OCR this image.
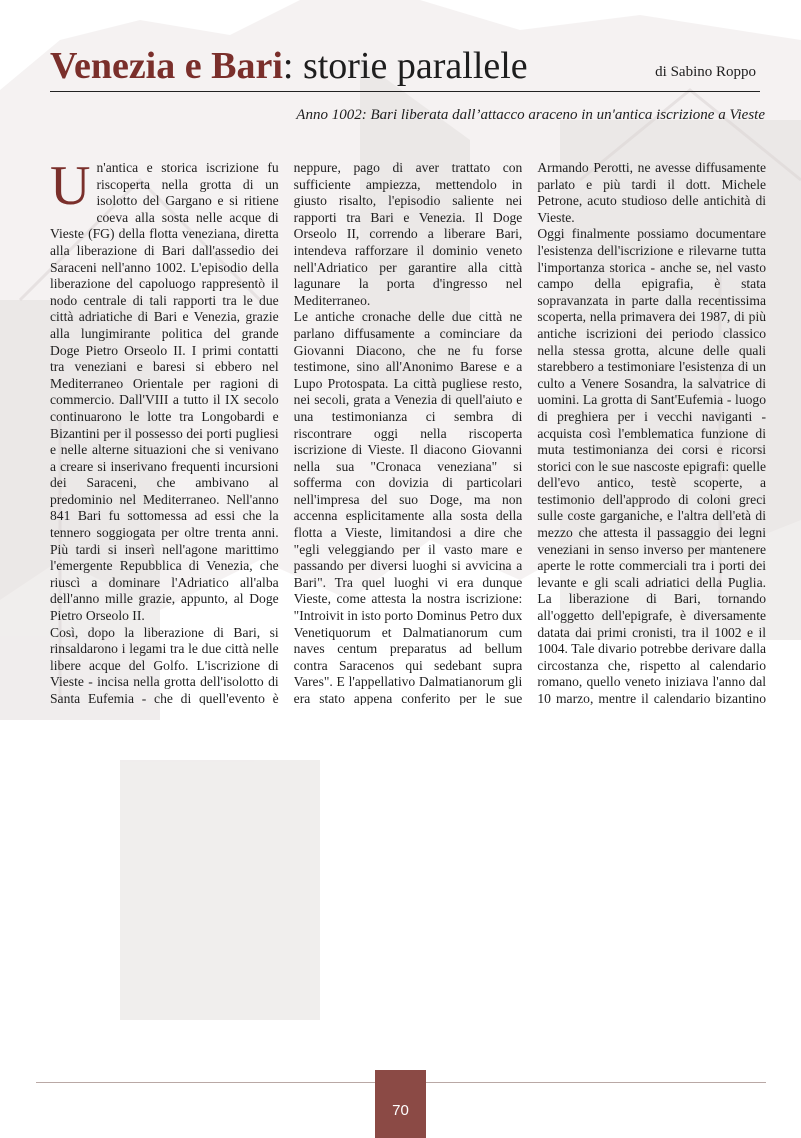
Venezia e Bari: storie parallele	di Sabino Roppo
Anno 1002: Bari liberata dall’attacco araceno in un'antica iscrizione a Vieste
U n'antica e storica iscrizione fu riscoperta nella grotta di un isolotto del Gargano e si ritiene coeva alla sosta nelle acque di Vieste (FG) della flotta veneziana, diretta alla liberazione di Bari dall'assedio dei Saraceni nell'anno 1002. L'episodio della liberazione del capoluogo rappresentò il nodo centrale di tali rapporti tra le due città adriatiche di Bari e Venezia, grazie alla lungimirante politica del grande Doge Pietro Orseolo II. I primi contatti tra veneziani e baresi si ebbero nel Mediterraneo Orientale per ragioni di commercio. Dall'VIII a tutto il IX secolo continuarono le lotte tra Longobardi e Bizantini per il possesso dei porti pugliesi e nelle alterne situazioni che si venivano a creare si inserivano frequenti incursioni dei Saraceni, che ambivano al predominio nel Mediterraneo. Nell'anno 841 Bari fu sottomessa ad essi che la tennero soggiogata per oltre trenta anni. Più tardi si inserì nell'agone marittimo l'emergente Repubblica di Venezia, che riuscì a dominare l'Adriatico all'alba dell'anno mille grazie, appunto, al Doge Pietro Orseolo II.

Così, dopo la liberazione di Bari, si rinsaldarono i legami tra le due città nelle libere acque del Golfo. L'iscrizione di Vieste - incisa nella grotta dell'isolotto di Santa Eufemia - che di quell'evento è

neppure, pago di aver trattato con sufficiente ampiezza, mettendolo in giusto risalto, l'episodio saliente nei rapporti tra Bari e Venezia. Il Doge Orseolo II, correndo a liberare Bari, intendeva rafforzare il dominio veneto nell'Adriatico per garantire alla città lagunare la porta d'ingresso nel Mediterraneo.

Le antiche cronache delle due città ne parlano diffusamente a cominciare da Giovanni Diacono, che ne fu forse testimone, sino all'Anonimo Barese e a Lupo Protospata. La città pugliese resto, nei secoli, grata a Venezia di quell'aiuto e una testimonianza ci sembra di riscontrare oggi nella riscoperta iscrizione di Vieste. Il diacono Giovanni nella sua "Cronaca veneziana" si sofferma con dovizia di particolari nell'impresa del suo Doge, ma non accenna esplicitamente alla sosta della flotta a Vieste, limitandosi a dire che "egli veleggiando per il vasto mare e passando per diversi luoghi si avvicina a Bari". Tra quel luoghi vi era dunque Vieste, come attesta la nostra iscrizione: "Introivit in isto porto Dominus Petro dux Venetiquorum et Dalmatianorum cum naves centum preparatus ad bellum contra Saracenos qui sedebant supra Vares". E l'appellativo Dalmatianorum gli era stato appena conferito per le sue

Armando Perotti, ne avesse diffusamente parlato e più tardi il dott. Michele Petrone, acuto studioso delle antichità di Vieste.

Oggi finalmente possiamo documentare l'esistenza dell'iscrizione e rilevarne tutta l'importanza storica - anche se, nel vasto campo della epigrafia, è stata sopravanzata in parte dalla recentissima scoperta, nella primavera dei 1987, di più antiche iscrizioni dei periodo classico nella stessa grotta, alcune delle quali starebbero a testimoniare l'esistenza di un culto a Venere Sosandra, la salvatrice di uomini. La grotta di Sant'Eufemia - luogo di preghiera per i vecchi naviganti - acquista così l'emblematica funzione di muta testimonianza dei corsi e ricorsi storici con le sue nascoste epigrafi: quelle dell'evo antico, testè scoperte, a testimonio dell'approdo di coloni greci sulle coste garganiche, e l'altra dell'età di mezzo che attesta il passaggio dei legni veneziani in senso inverso per mantenere aperte le rotte commerciali tra i porti dei levante e gli scali adriatici della Puglia. La liberazione di Bari, tornando all'oggetto dell'epigrafe, è diversamente datata dai primi cronisti, tra il 1002 e il 1004. Tale divario potrebbe derivare dalla circostanza che, rispetto al calendario romano, quello veneto iniziava l'anno dal 10 marzo, mentre il calendario bizantino

70
